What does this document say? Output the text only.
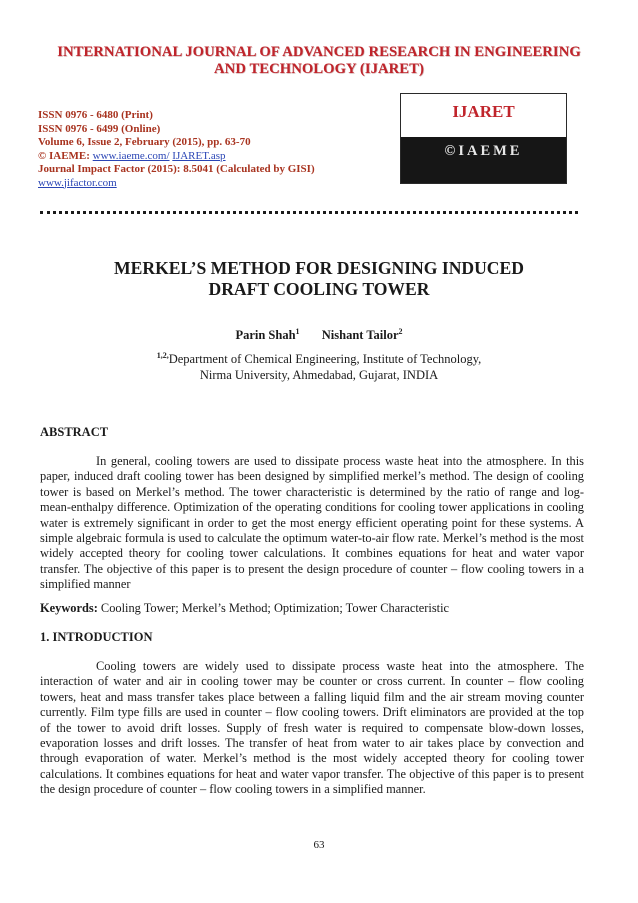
INTERNATIONAL JOURNAL OF ADVANCED RESEARCH IN ENGINEERING
AND TECHNOLOGY (IJARET)
ISSN 0976 - 6480 (Print)
ISSN 0976 - 6499 (Online)
Volume 6, Issue 2, February (2015), pp. 63-70
© IAEME: www.iaeme.com/ IJARET.asp
Journal Impact Factor (2015): 8.5041 (Calculated by GISI)
www.jifactor.com
IJARET
©IAEME
MERKEL’S METHOD FOR DESIGNING INDUCED
DRAFT COOLING TOWER
Parin Shah$^1$ Nishant Tailor$^2$
$^{1,2,}$Department of Chemical Engineering, Institute of Technology,
Nirma University, Ahmedabad, Gujarat, INDIA
ABSTRACT

In general, cooling towers are used to dissipate process waste heat into the atmosphere. In this paper, induced draft cooling tower has been designed by simplified merkel’s method. The design of cooling tower is based on Merkel’s method. The tower characteristic is determined by the ratio of range and log-mean-enthalpy difference. Optimization of the operating conditions for cooling tower applications in cooling water is extremely significant in order to get the most energy efficient operating point for these systems. A simple algebraic formula is used to calculate the optimum water-to-air flow rate. Merkel’s method is the most widely accepted theory for cooling tower calculations. It combines equations for heat and water vapor transfer. The objective of this paper is to present the design procedure of counter – flow cooling towers in a simplified manner

Keywords: Cooling Tower; Merkel’s Method; Optimization; Tower Characteristic
1. INTRODUCTION

Cooling towers are widely used to dissipate process waste heat into the atmosphere. The interaction of water and air in cooling tower may be counter or cross current. In counter – flow cooling towers, heat and mass transfer takes place between a falling liquid film and the air stream moving counter currently. Film type fills are used in counter – flow cooling towers. Drift eliminators are provided at the top of the tower to avoid drift losses. Supply of fresh water is required to compensate blow-down losses, evaporation losses and drift losses. The transfer of heat from water to air takes place by convection and through evaporation of water. Merkel’s method is the most widely accepted theory for cooling tower calculations. It combines equations for heat and water vapor transfer. The objective of this paper is to present the design procedure of counter – flow cooling towers in a simplified manner.

63
